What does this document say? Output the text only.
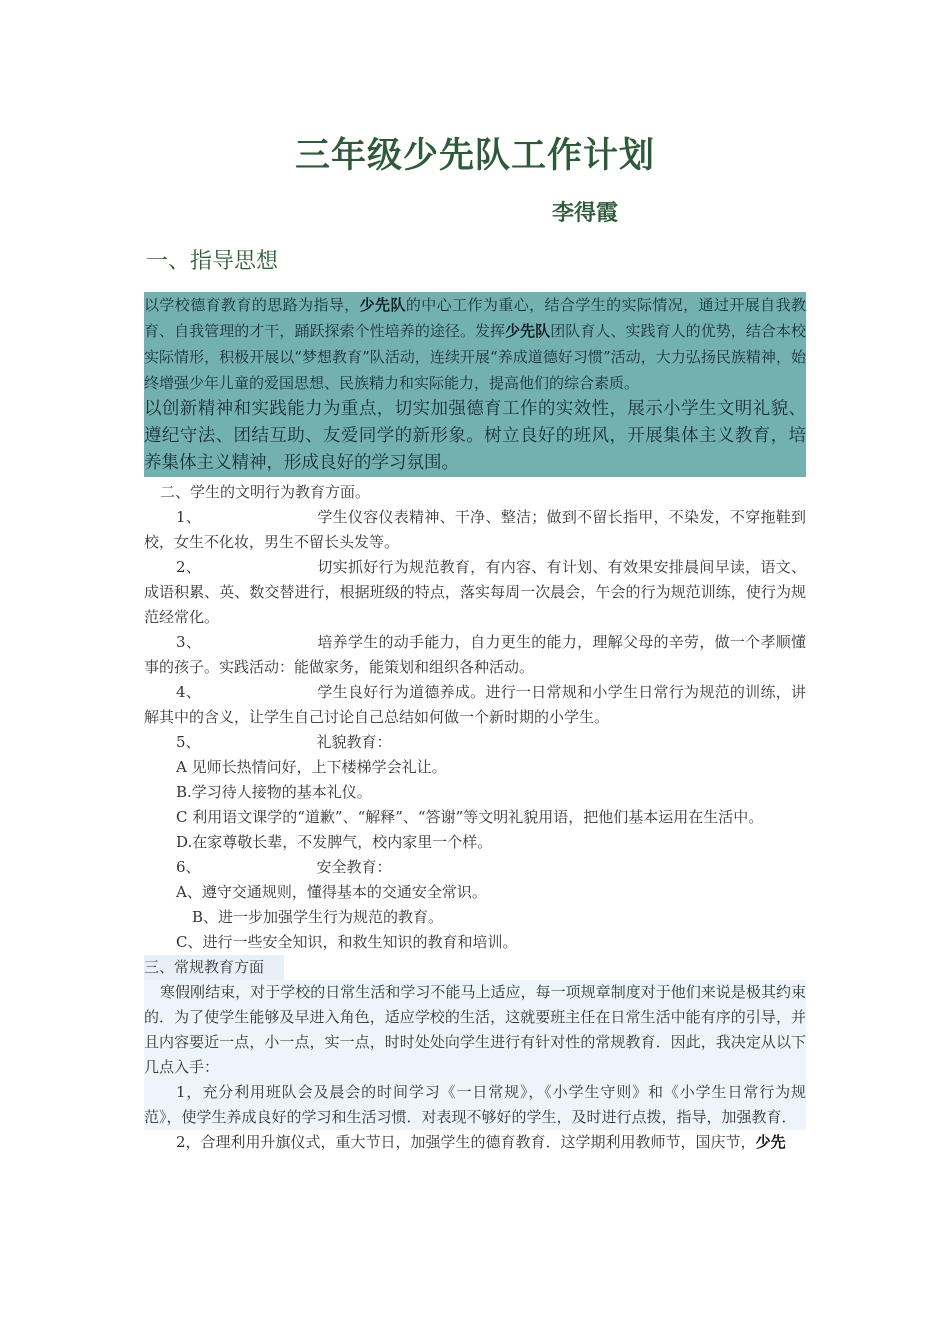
三年级少先队工作计划
李得霞
一、指导思想
以学校德育教育的思路为指导，少先队的中心工作为重心，结合学生的实际情况，通过开展自我教育、自我管理的才干，踊跃探索个性培养的途径。发挥少先队团队育人、实践育人的优势，结合本校实际情形，积极开展以“梦想教育”队活动，连续开展“养成道德好习惯”活动，大力弘扬民族精神，始终增强少年儿童的爱国思想、民族精力和实际能力，提高他们的综合素质。
以创新精神和实践能力为重点，切实加强德育工作的实效性，展示小学生文明礼貌、遵纪守法、团结互助、友爱同学的新形象。树立良好的班风，开展集体主义教育，培养集体主义精神，形成良好的学习氛围。

二、学生的文明行为教育方面。

1、	学生仪容仪表精神、干净、整洁；做到不留长指甲，不染发，不穿拖鞋到校，女生不化妆，男生不留长头发等。

2、	切实抓好行为规范教育，有内容、有计划、有效果安排晨间早读，语文、成语积累、英、数交替进行，根据班级的特点，落实每周一次晨会，午会的行为规范训练，使行为规范经常化。

3、	培养学生的动手能力，自力更生的能力，理解父母的辛劳，做一个孝顺懂事的孩子。实践活动：能做家务，能策划和组织各种活动。

4、	学生良好行为道德养成。进行一日常规和小学生日常行为规范的训练，讲解其中的含义，让学生自己讨论自己总结如何做一个新时期的小学生。

5、	礼貌教育：

A 见师长热情问好，上下楼梯学会礼让。

B.学习待人接物的基本礼仪。

C 利用语文课学的“道歉”、“解释”、“答谢”等文明礼貌用语，把他们基本运用在生活中。

D.在家尊敬长辈，不发脾气，校内家里一个样。

6、	安全教育：

A、遵守交通规则，懂得基本的交通安全常识。

B、进一步加强学生行为规范的教育。

C、进行一些安全知识，和救生知识的教育和培训。

三、常规教育方面

寒假刚结束，对于学校的日常生活和学习不能马上适应，每一项规章制度对于他们来说是极其约束的．为了使学生能够及早进入角色，适应学校的生活，这就要班主任在日常生活中能有序的引导，并且内容要近一点，小一点，实一点，时时处处向学生进行有针对性的常规教育．因此，我决定从以下几点入手：

1，充分利用班队会及晨会的时间学习《一日常规》，《小学生守则》和《小学生日常行为规范》，使学生养成良好的学习和生活习惯．对表现不够好的学生，及时进行点拨，指导，加强教育．

2，合理利用升旗仪式，重大节日，加强学生的德育教育．这学期利用教师节，国庆节，少先
